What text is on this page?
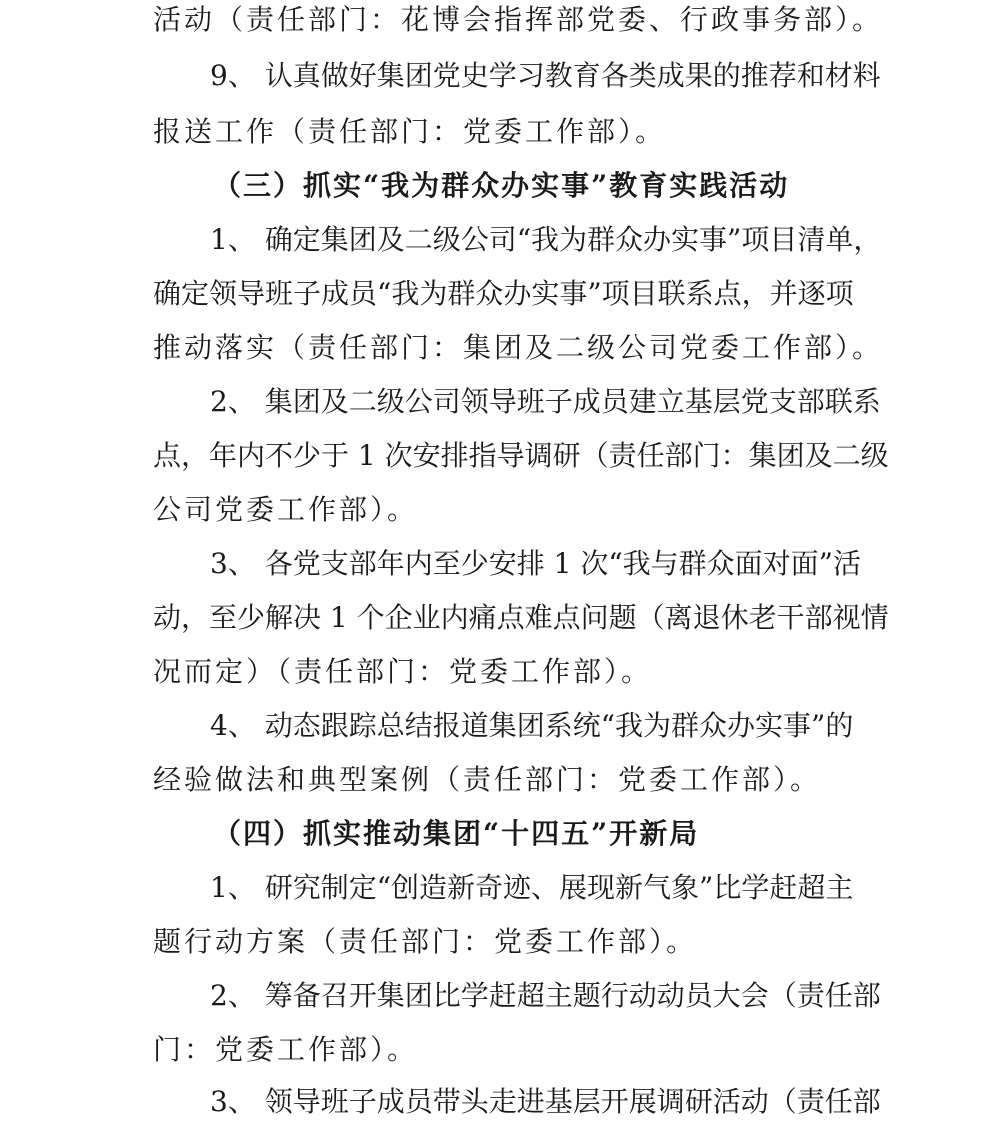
活动（责任部门：花博会指挥部党委、行政事务部）。
9、 认真做好集团党史学习教育各类成果的推荐和材料
报送工作（责任部门：党委工作部）。
（三）抓实“我为群众办实事”教育实践活动
1、 确定集团及二级公司“我为群众办实事”项目清单，
确定领导班子成员“我为群众办实事”项目联系点，并逐项
推动落实（责任部门：集团及二级公司党委工作部）。
2、 集团及二级公司领导班子成员建立基层党支部联系
点，年内不少于 1 次安排指导调研（责任部门：集团及二级
公司党委工作部）。
3、 各党支部年内至少安排 1 次“我与群众面对面”活
动，至少解决 1 个企业内痛点难点问题（离退休老干部视情
况而定）（责任部门：党委工作部）。
4、 动态跟踪总结报道集团系统“我为群众办实事”的
经验做法和典型案例（责任部门：党委工作部）。
（四）抓实推动集团“十四五”开新局
1、 研究制定“创造新奇迹、展现新气象”比学赶超主
题行动方案（责任部门：党委工作部）。
2、 筹备召开集团比学赶超主题行动动员大会（责任部
门：党委工作部）。
3、 领导班子成员带头走进基层开展调研活动（责任部
